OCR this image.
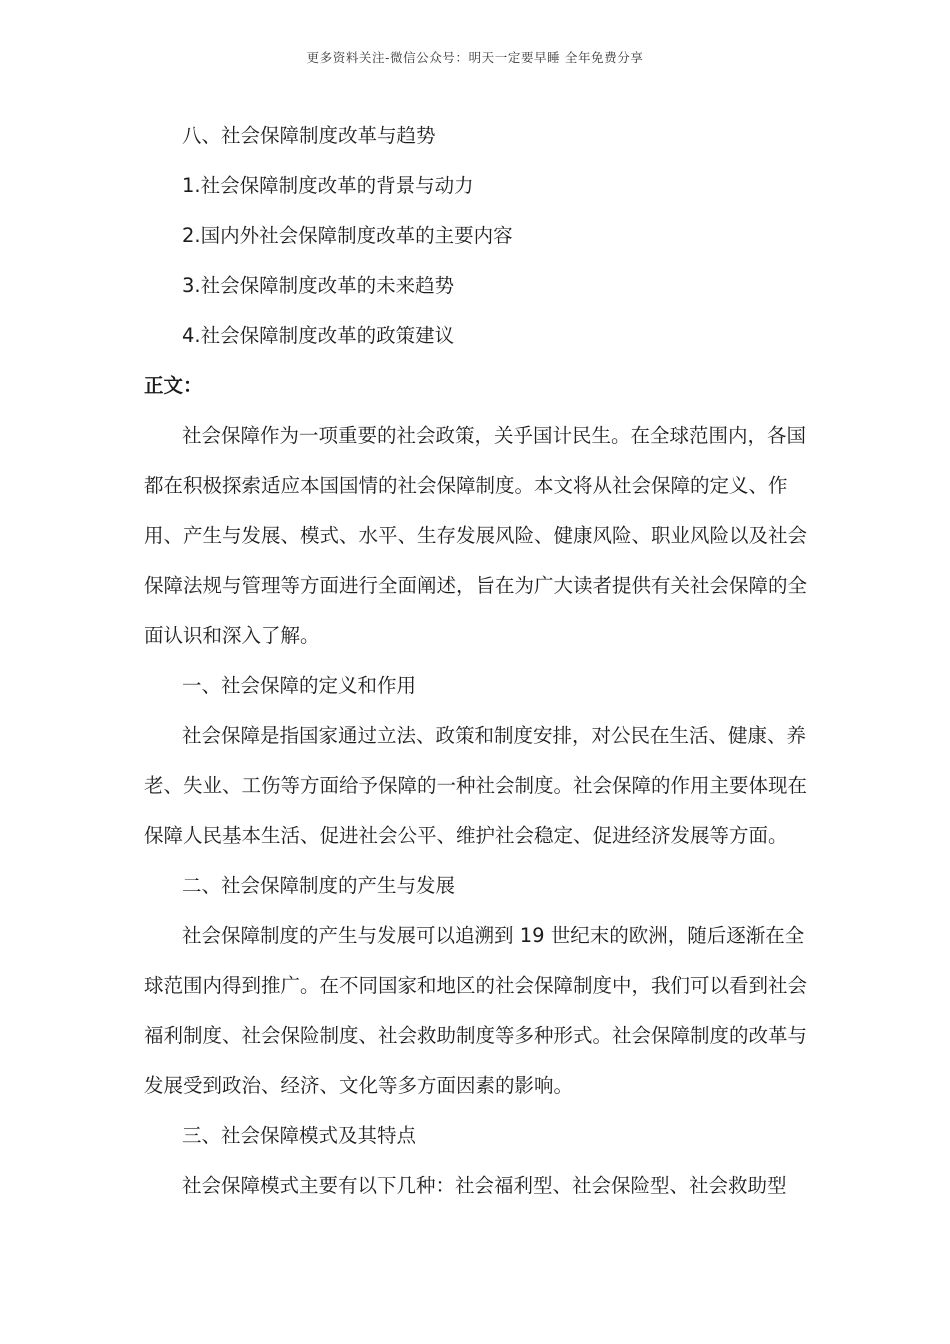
更多资料关注-微信公众号：明天一定要早睡 全年免费分享
八、社会保障制度改革与趋势
1.社会保障制度改革的背景与动力
2.国内外社会保障制度改革的主要内容
3.社会保障制度改革的未来趋势
4.社会保障制度改革的政策建议
正文：
社会保障作为一项重要的社会政策，关乎国计民生。在全球范围内，各国
都在积极探索适应本国国情的社会保障制度。本文将从社会保障的定义、作
用、产生与发展、模式、水平、生存发展风险、健康风险、职业风险以及社会
保障法规与管理等方面进行全面阐述，旨在为广大读者提供有关社会保障的全
面认识和深入了解。
一、社会保障的定义和作用
社会保障是指国家通过立法、政策和制度安排，对公民在生活、健康、养
老、失业、工伤等方面给予保障的一种社会制度。社会保障的作用主要体现在
保障人民基本生活、促进社会公平、维护社会稳定、促进经济发展等方面。
二、社会保障制度的产生与发展
社会保障制度的产生与发展可以追溯到 19 世纪末的欧洲，随后逐渐在全
球范围内得到推广。在不同国家和地区的社会保障制度中，我们可以看到社会
福利制度、社会保险制度、社会救助制度等多种形式。社会保障制度的改革与
发展受到政治、经济、文化等多方面因素的影响。
三、社会保障模式及其特点
社会保障模式主要有以下几种：社会福利型、社会保险型、社会救助型
